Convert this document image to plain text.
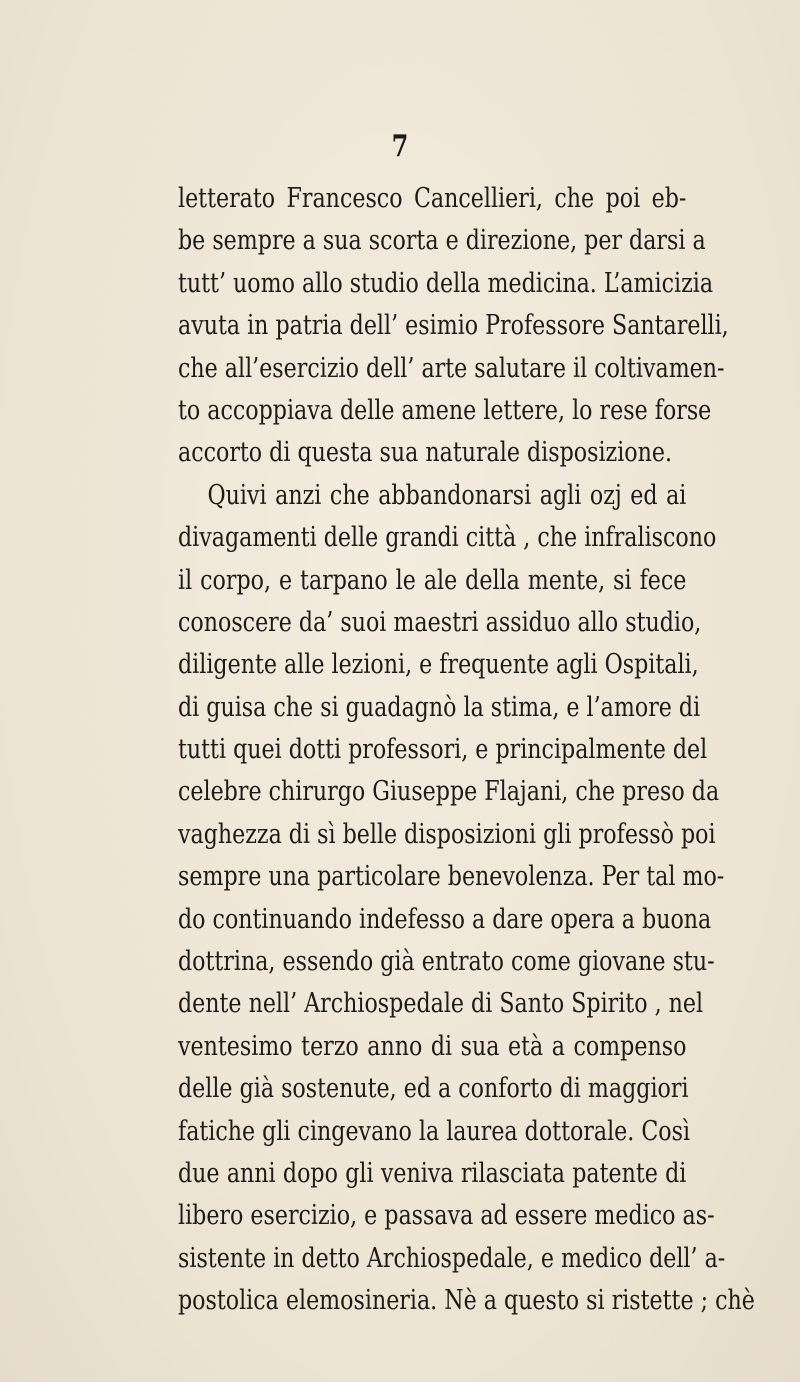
7
letterato Francesco Cancellieri, che poi eb-
be sempre a sua scorta e direzione, per darsi a
tutt’ uomo allo studio della medicina. L’amicizia
avuta in patria dell’ esimio Professore Santarelli,
che all’esercizio dell’ arte salutare il coltivamen-
to accoppiava delle amene lettere, lo rese forse
accorto di questa sua naturale disposizione.
Quivi anzi che abbandonarsi agli ozj ed ai
divagamenti delle grandi città , che infraliscono
il corpo, e tarpano le ale della mente, si fece
conoscere da’ suoi maestri assiduo allo studio,
diligente alle lezioni, e frequente agli Ospitali,
di guisa che si guadagnò la stima, e l’amore di
tutti quei dotti professori, e principalmente del
celebre chirurgo Giuseppe Flajani, che preso da
vaghezza di sì belle disposizioni gli professò poi
sempre una particolare benevolenza. Per tal mo-
do continuando indefesso a dare opera a buona
dottrina, essendo già entrato come giovane stu-
dente nell’ Archiospedale di Santo Spirito , nel
ventesimo terzo anno di sua età a compenso
delle già sostenute, ed a conforto di maggiori
fatiche gli cingevano la laurea dottorale. Così
due anni dopo gli veniva rilasciata patente di
libero esercizio, e passava ad essere medico as-
sistente in detto Archiospedale, e medico dell’ a-
postolica elemosineria. Nè a questo si ristette ; chè
